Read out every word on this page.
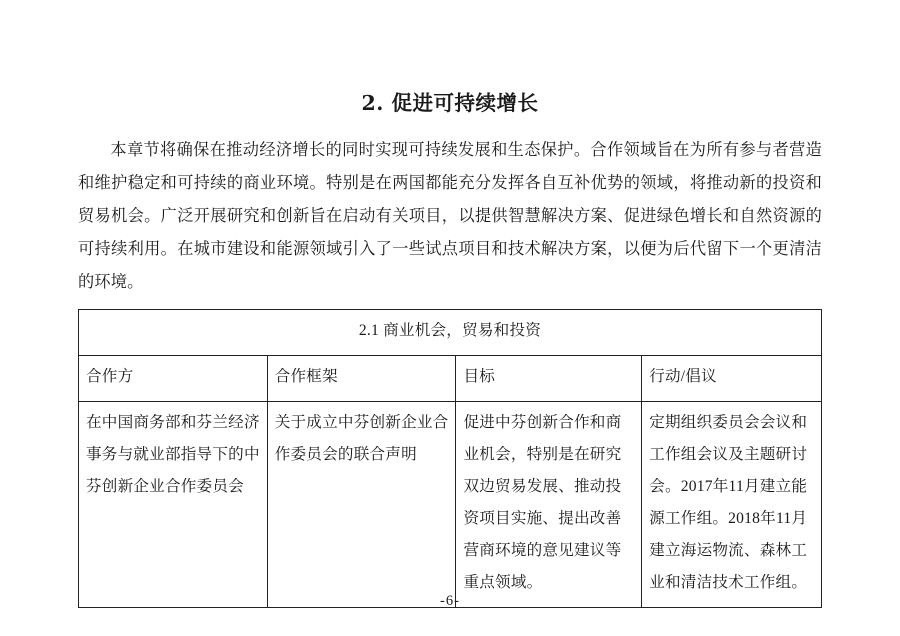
2. 促进可持续增长

本章节将确保在推动经济增长的同时实现可持续发展和生态保护。合作领域旨在为所有参与者营造和维护稳定和可持续的商业环境。特别是在两国都能充分发挥各自互补优势的领域，将推动新的投资和贸易机会。广泛开展研究和创新旨在启动有关项目，以提供智慧解决方案、促进绿色增长和自然资源的可持续利用。在城市建设和能源领域引入了一些试点项目和技术解决方案，以便为后代留下一个更清洁的环境。

2.1 商业机会，贸易和投资			
合作方	合作框架	目标	行动/倡议
在中国商务部和芬兰经济事务与就业部指导下的中芬创新企业合作委员会	关于成立中芬创新企业合作委员会的联合声明	促进中芬创新合作和商业机会，特别是在研究双边贸易发展、推动投资项目实施、提出改善营商环境的意见建议等重点领域。	定期组织委员会会议和工作组会议及主题研讨会。2017年11月建立能源工作组。2018年11月建立海运物流、森林工业和清洁技术工作组。
-6-
